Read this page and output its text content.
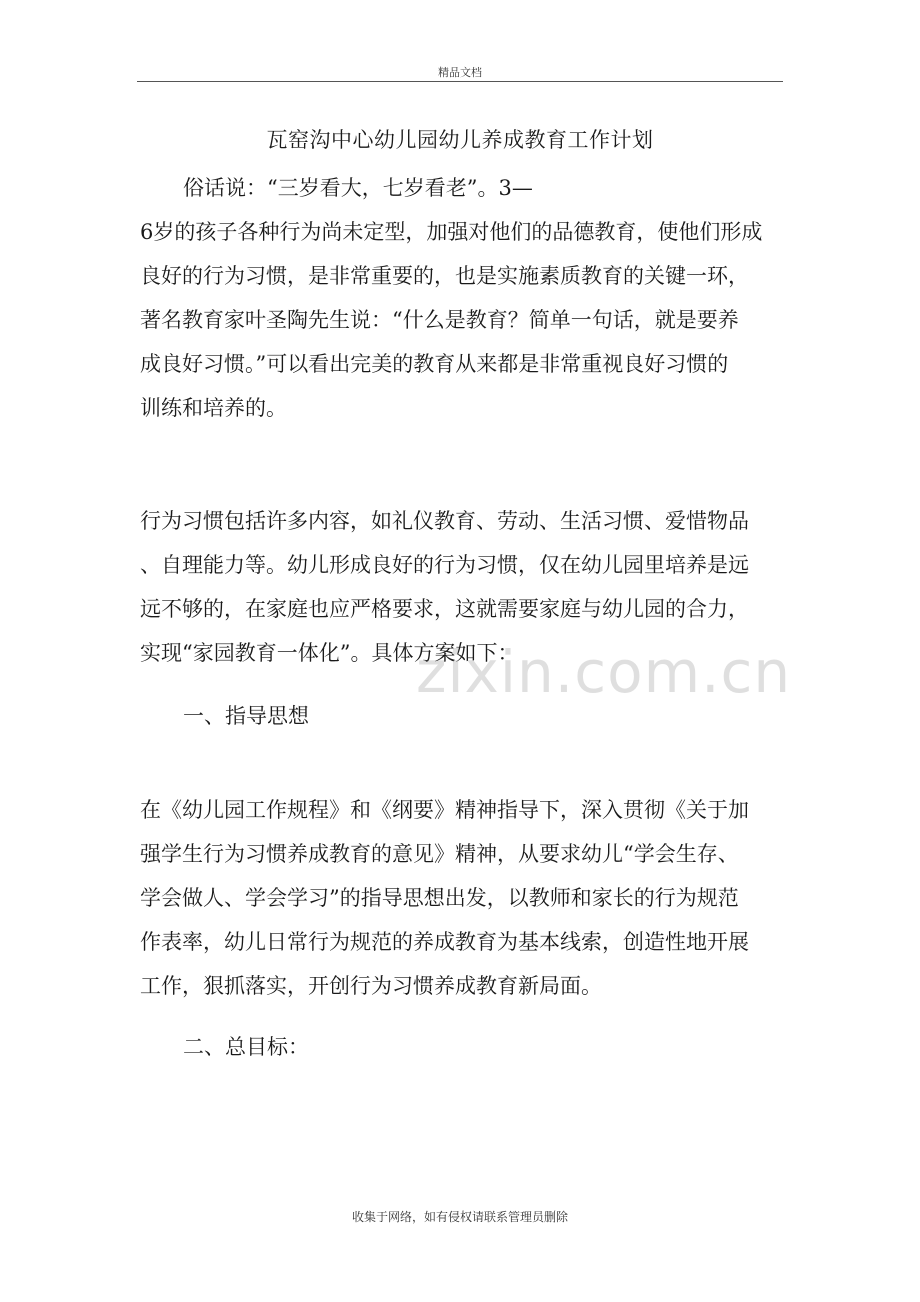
精品文档
瓦窑沟中心幼儿园幼儿养成教育工作计划
俗话说：“三岁看大，七岁看老”。3—
6岁的孩子各种行为尚未定型，加强对他们的品德教育，使他们形成
良好的行为习惯，是非常重要的，也是实施素质教育的关键一环，
著名教育家叶圣陶先生说：“什么是教育？简单一句话，就是要养
成良好习惯。”可以看出完美的教育从来都是非常重视良好习惯的
训练和培养的。
行为习惯包括许多内容，如礼仪教育、劳动、生活习惯、爱惜物品
、自理能力等。幼儿形成良好的行为习惯，仅在幼儿园里培养是远
远不够的，在家庭也应严格要求，这就需要家庭与幼儿园的合力，
实现“家园教育一体化”。具体方案如下：
一、指导思想
在《幼儿园工作规程》和《纲要》精神指导下，深入贯彻《关于加
强学生行为习惯养成教育的意见》精神，从要求幼儿“学会生存、
学会做人、学会学习”的指导思想出发，以教师和家长的行为规范
作表率，幼儿日常行为规范的养成教育为基本线索，创造性地开展
工作，狠抓落实，开创行为习惯养成教育新局面。
二、总目标：
zixin.com.cn
收集于网络，如有侵权请联系管理员删除
